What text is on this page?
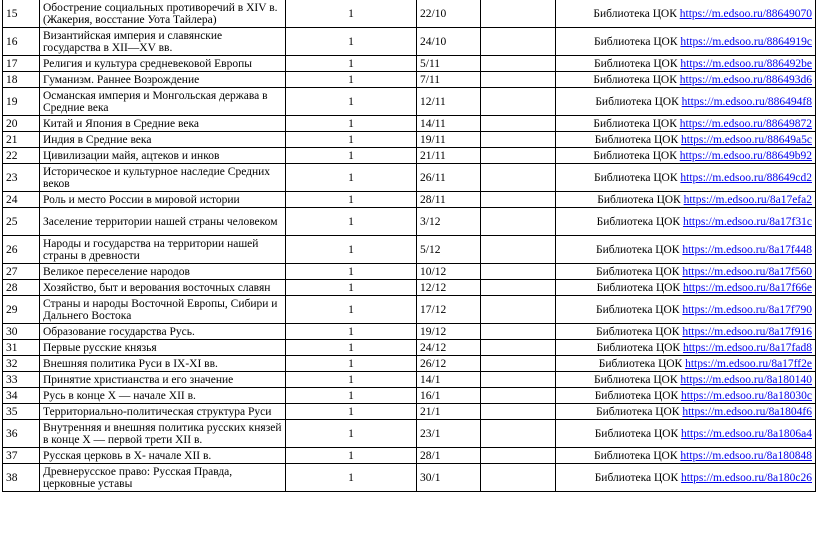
15	Обострение социальных противоречий в XIV в.(Жакерия, восстание Уота Тайлера)	1	22/10		Библиотека ЦОК https://m.edsoo.ru/88649070
16	Византийская империя и славянские государства в XII—XV вв.	1	24/10		Библиотека ЦОК https://m.edsoo.ru/8864919c
17	Религия и культура средневековой Европы	1	5/11		Библиотека ЦОК https://m.edsoo.ru/886492be
18	Гуманизм. Раннее Возрождение	1	7/11		Библиотека ЦОК https://m.edsoo.ru/886493d6
19	Османская империя и Монгольская держава в Средние века	1	12/11		Библиотека ЦОК https://m.edsoo.ru/886494f8
20	Китай и Япония в Средние века	1	14/11		Библиотека ЦОК https://m.edsoo.ru/88649872
21	Индия в Средние века	1	19/11		Библиотека ЦОК https://m.edsoo.ru/88649a5c
22	Цивилизации майя, ацтеков и инков	1	21/11		Библиотека ЦОК https://m.edsoo.ru/88649b92
23	Историческое и культурное наследие Средних веков	1	26/11		Библиотека ЦОК https://m.edsoo.ru/88649cd2
24	Роль и место России в мировой истории	1	28/11		Библиотека ЦОК https://m.edsoo.ru/8a17efa2
25	Заселение территории нашей страны человеком	1	3/12		Библиотека ЦОК https://m.edsoo.ru/8a17f31c
26	Народы и государства на территории нашей страны в древности	1	5/12		Библиотека ЦОК https://m.edsoo.ru/8a17f448
27	Великое переселение народов	1	10/12		Библиотека ЦОК https://m.edsoo.ru/8a17f560
28	Хозяйство, быт и верования восточных славян	1	12/12		Библиотека ЦОК https://m.edsoo.ru/8a17f66e
29	Страны и народы Восточной Европы, Сибири и Дальнего Востока	1	17/12		Библиотека ЦОК https://m.edsoo.ru/8a17f790
30	Образование государства Русь.	1	19/12		Библиотека ЦОК https://m.edsoo.ru/8a17f916
31	Первые русские князья	1	24/12		Библиотека ЦОК https://m.edsoo.ru/8a17fad8
32	Внешняя политика Руси в IX-XI вв.	1	26/12		Библиотека ЦОК https://m.edsoo.ru/8a17ff2e
33	Принятие христианства и его значение	1	14/1		Библиотека ЦОК https://m.edsoo.ru/8a180140
34	Русь в конце X — начале XII в.	1	16/1		Библиотека ЦОК https://m.edsoo.ru/8a18030c
35	Территориально-политическая структура Руси	1	21/1		Библиотека ЦОК https://m.edsoo.ru/8a1804f6
36	Внутренняя и внешняя политика русских князей в конце X — первой трети XII в.	1	23/1		Библиотека ЦОК https://m.edsoo.ru/8a1806a4
37	Русская церковь в X- начале XII в.	1	28/1		Библиотека ЦОК https://m.edsoo.ru/8a180848
38	Древнерусское право: Русская Правда, церковные уставы	1	30/1		Библиотека ЦОК https://m.edsoo.ru/8a180c26
